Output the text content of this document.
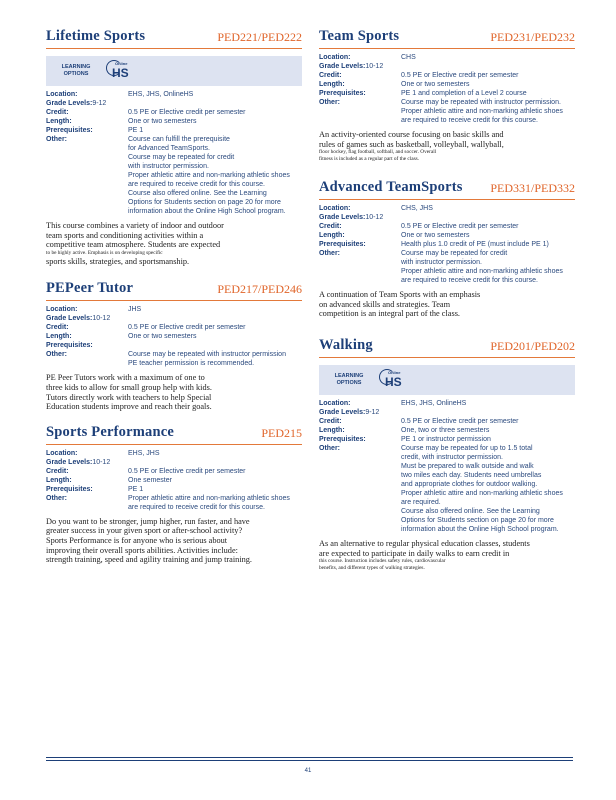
Lifetime Sports	PED221/PED222
LEARNING
OPTIONS
Online
HS
Location:	EHS, JHS, OnlineHS
Grade Levels: 9-12
Credit:	0.5 PE or Elective credit per semester
Length:	One or two semesters
Prerequisites:	PE 1
Other:	Course can fulfill the prerequisite
for Advanced TeamSports.
Course may be repeated for credit
with instructor permission.
Proper athletic attire and non-marking athletic shoes
are required to receive credit for this course.
Course also offered online. See the Learning
Options for Students section on page 20 for more
information about the Online High School program.
This course combines a variety of indoor and outdoor
team sports and conditioning activities within a
competitive team atmosphere. Students are expected
to be highly active. Emphasis is on developing specific
sports skills, strategies, and sportsmanship.
PEPeer Tutor	PED217/PED246
Location:	JHS
Grade Levels: 10-12
Credit:	0.5 PE or Elective credit per semester
Length:	One or two semesters
Prerequisites:
Other:	Course may be repeated with instructor permission
PE teacher permission is recommended.
PE Peer Tutors work with a maximum of one to
three kids to allow for small group help with kids.
Tutors directly work with teachers to help Special
Education students improve and reach their goals.
Sports Performance	PED215
Location:	EHS, JHS
Grade Levels: 10-12
Credit:	0.5 PE or Elective credit per semester
Length:	One semester
Prerequisites:	PE 1
Other:	Proper athletic attire and non-marking athletic shoes
are required to receive credit for this course.
Do you want to be stronger, jump higher, run faster, and have
greater success in your given sport or after-school activity?
Sports Performance is for anyone who is serious about
improving their overall sports abilities. Activities include:
strength training, speed and agility training and jump training.
Team Sports	PED231/PED232
Location:	CHS
Grade Levels: 10-12
Credit:	0.5 PE or Elective credit per semester
Length:	One or two semesters
Prerequisites:	PE 1 and completion of a Level 2 course
Other:	Course may be repeated with instructor permission.
Proper athletic attire and non-marking athletic shoes
are required to receive credit for this course.
An activity-oriented course focusing on basic skills and
rules of games such as basketball, volleyball, wallyball,
floor hockey, flag football, softball, and soccer. Overall
fitness is included as a regular part of the class.
Advanced TeamSports PED331/PED332
Location:	CHS, JHS
Grade Levels: 10-12
Credit:	0.5 PE or Elective credit per semester
Length:	One or two semesters
Prerequisites:	Health plus 1.0 credit of PE (must include PE 1)
Other:	Course may be repeated for credit
with instructor permission.
Proper athletic attire and non-marking athletic shoes
are required to receive credit for this course.
A continuation of Team Sports with an emphasis
on advanced skills and strategies. Team
competition is an integral part of the class.
Walking	PED201/PED202
LEARNING
OPTIONS
Online
HS
Location:	EHS, JHS, OnlineHS
Grade Levels: 9-12
Credit:	0.5 PE or Elective credit per semester
Length:	One, two or three semesters
Prerequisites:	PE 1 or instructor permission
Other:	Course may be repeated for up to 1.5 total
credit, with instructor permission.
Must be prepared to walk outside and walk
two miles each day. Students need umbrellas
and appropriate clothes for outdoor walking.
Proper athletic attire and non-marking athletic shoes
are required.
Course also offered online. See the Learning
Options for Students section on page 20 for more
information about the Online High School program.
As an alternative to regular physical education classes, students
are expected to participate in daily walks to earn credit in
this course. Instruction includes safety rules, cardiovascular
benefits, and different types of walking strategies.
41
